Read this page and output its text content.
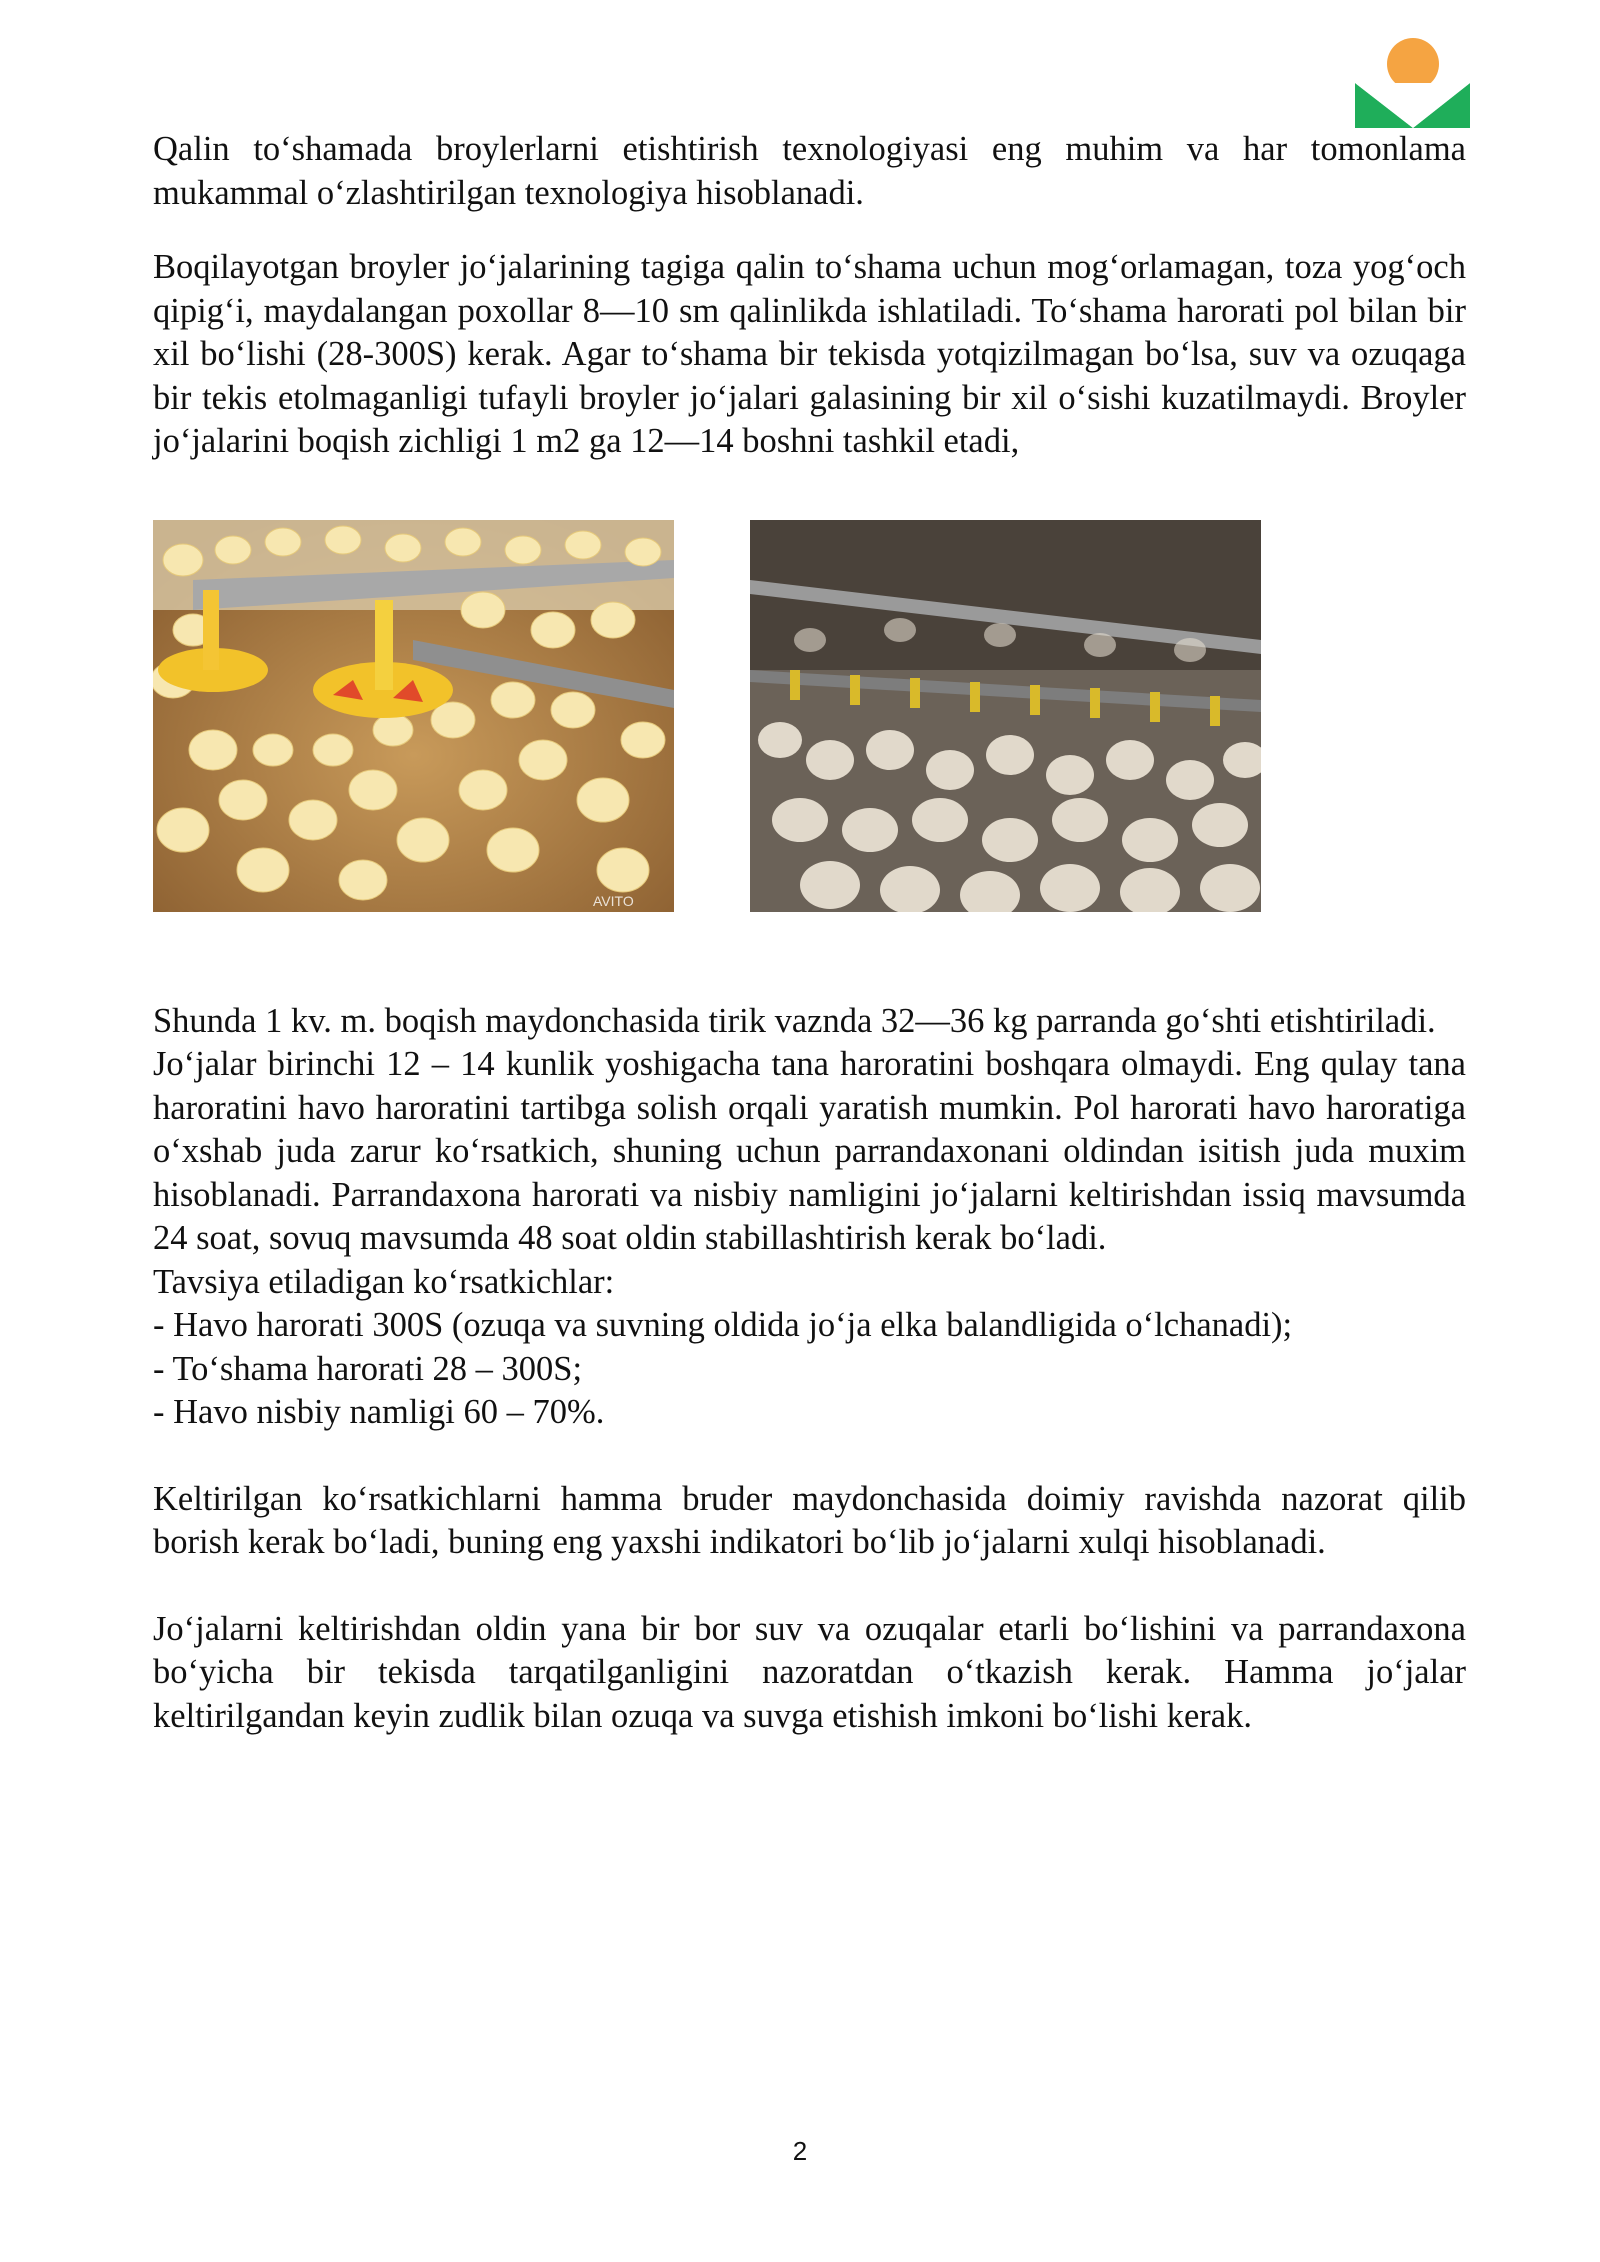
Qalin to‘shamada broylerlarni etishtirish texnologiyasi eng muhim va har tomonlama mukammal o‘zlashtirilgan texnologiya hisoblanadi.

Boqilayotgan broyler jo‘jalarining tagiga qalin to‘shama uchun mog‘orlamagan, toza yog‘och qipig‘i, maydalangan poxollar 8—10 sm qalinlikda ishlatiladi. To‘shama harorati pol bilan bir xil bo‘lishi (28-300S) kerak. Agar to‘shama bir tekisda yotqizilmagan bo‘lsa, suv va ozuqaga bir tekis etolmaganligi tufayli broyler jo‘jalari galasining bir xil o‘sishi kuzatilmaydi. Broyler jo‘jalarini boqish zichligi 1 m2 ga 12—14 boshni tashkil etadi,

AVITO

Shunda 1 kv. m. boqish maydonchasida tirik vaznda 32—36 kg parranda go‘shti etishtiriladi.

Jo‘jalar birinchi 12 – 14 kunlik yoshigacha tana haroratini boshqara olmaydi. Eng qulay tana haroratini havo haroratini tartibga solish orqali yaratish mumkin. Pol harorati havo haroratiga o‘xshab juda zarur ko‘rsatkich, shuning uchun parrandaxonani oldindan isitish juda muxim hisoblanadi. Parrandaxona harorati va nisbiy namligini jo‘jalarni keltirishdan issiq mavsumda 24 soat, sovuq mavsumda 48 soat oldin stabillashtirish kerak bo‘ladi.

Tavsiya etiladigan ko‘rsatkichlar:

- Havo harorati 300S (ozuqa va suvning oldida jo‘ja elka balandligida o‘lchanadi);

- To‘shama harorati 28 – 300S;

- Havo nisbiy namligi 60 – 70%.

Keltirilgan ko‘rsatkichlarni hamma bruder maydonchasida doimiy ravishda nazorat qilib borish kerak bo‘ladi, buning eng yaxshi indikatori bo‘lib jo‘jalarni xulqi hisoblanadi.

Jo‘jalarni keltirishdan oldin yana bir bor suv va ozuqalar etarli bo‘lishini va parrandaxona bo‘yicha bir tekisda tarqatilganligini nazoratdan o‘tkazish kerak. Hamma jo‘jalar keltirilgandan keyin zudlik bilan ozuqa va suvga etishish imkoni bo‘lishi kerak.

2
